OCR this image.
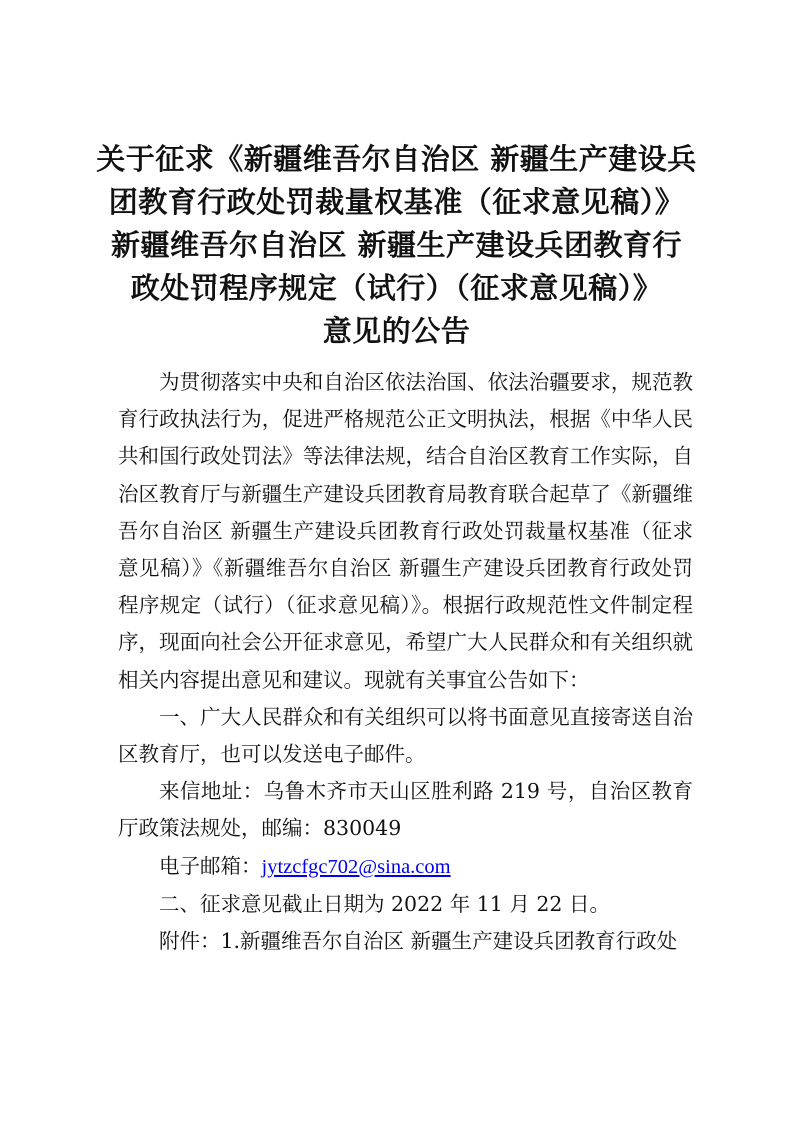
关于征求《新疆维吾尔自治区 新疆生产建设兵
团教育行政处罚裁量权基准（征求意见稿）》
新疆维吾尔自治区 新疆生产建设兵团教育行
政处罚程序规定（试行）（征求意见稿）》
意见的公告

为贯彻落实中央和自治区依法治国、依法治疆要求，规范教育行政执法行为，促进严格规范公正文明执法，根据《中华人民共和国行政处罚法》等法律法规，结合自治区教育工作实际，自治区教育厅与新疆生产建设兵团教育局教育联合起草了《新疆维吾尔自治区 新疆生产建设兵团教育行政处罚裁量权基准（征求意见稿）》《新疆维吾尔自治区 新疆生产建设兵团教育行政处罚程序规定（试行）（征求意见稿）》。根据行政规范性文件制定程序，现面向社会公开征求意见，希望广大人民群众和有关组织就相关内容提出意见和建议。现就有关事宜公告如下：

一、广大人民群众和有关组织可以将书面意见直接寄送自治区教育厅，也可以发送电子邮件。

来信地址：乌鲁木齐市天山区胜利路 219 号，自治区教育厅政策法规处，邮编：830049

电子邮箱：jytzcfgc702@sina.com

二、征求意见截止日期为 2022 年 11 月 22 日。

附件：1.新疆维吾尔自治区 新疆生产建设兵团教育行政处
